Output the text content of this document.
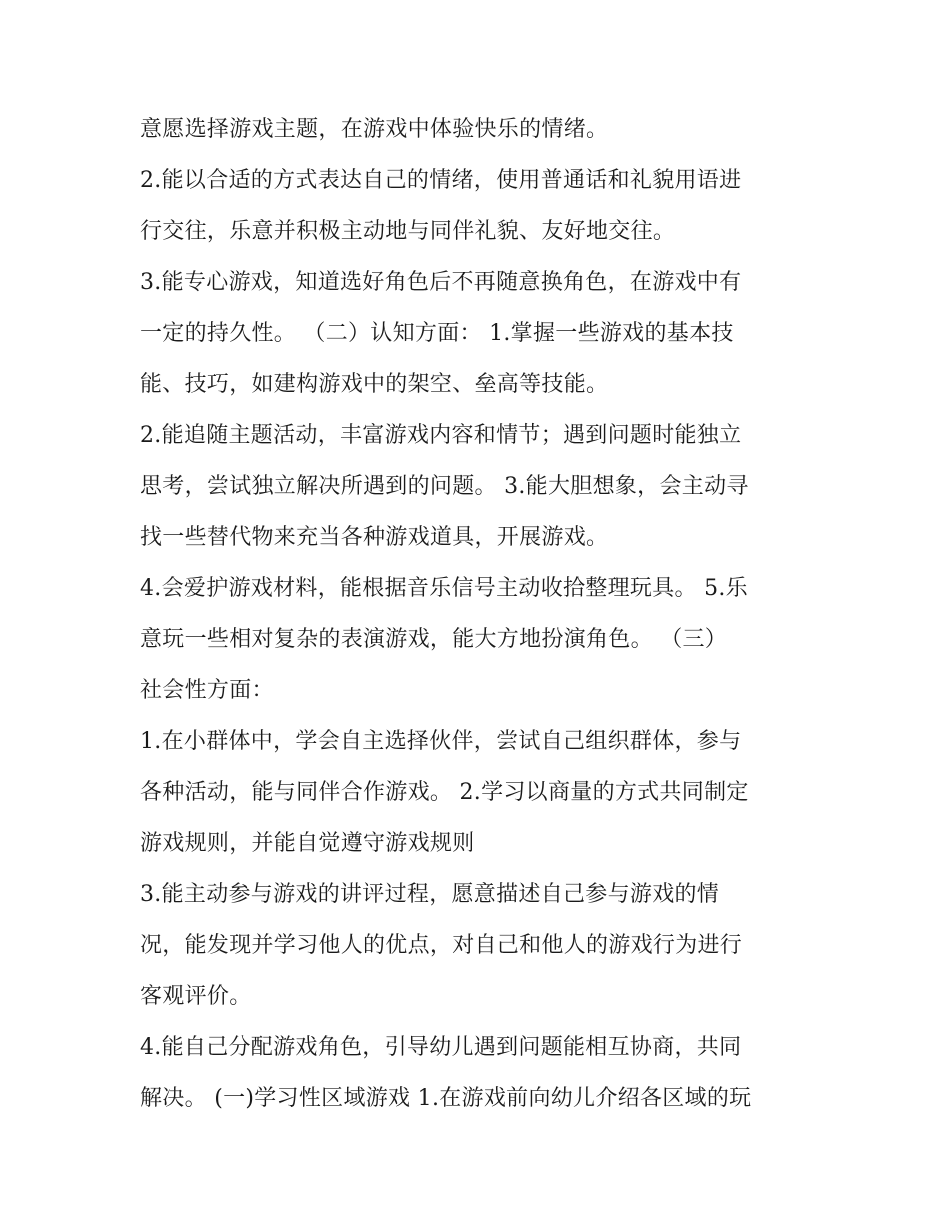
意愿选择游戏主题，在游戏中体验快乐的情绪。
2.能以合适的方式表达自己的情绪，使用普通话和礼貌用语进
行交往，乐意并积极主动地与同伴礼貌、友好地交往。
3.能专心游戏，知道选好角色后不再随意换角色，在游戏中有
一定的持久性。 （二）认知方面： 1.掌握一些游戏的基本技
能、技巧，如建构游戏中的架空、垒高等技能。
2.能追随主题活动，丰富游戏内容和情节；遇到问题时能独立
思考，尝试独立解决所遇到的问题。 3.能大胆想象，会主动寻
找一些替代物来充当各种游戏道具，开展游戏。
4.会爱护游戏材料，能根据音乐信号主动收拾整理玩具。 5.乐
意玩一些相对复杂的表演游戏，能大方地扮演角色。 （三）
社会性方面：
1.在小群体中，学会自主选择伙伴，尝试自己组织群体，参与
各种活动，能与同伴合作游戏。 2.学习以商量的方式共同制定
游戏规则，并能自觉遵守游戏规则
3.能主动参与游戏的讲评过程，愿意描述自己参与游戏的情
况，能发现并学习他人的优点，对自己和他人的游戏行为进行
客观评价。
4.能自己分配游戏角色，引导幼儿遇到问题能相互协商，共同
解决。 (一)学习性区域游戏 1.在游戏前向幼儿介绍各区域的玩
